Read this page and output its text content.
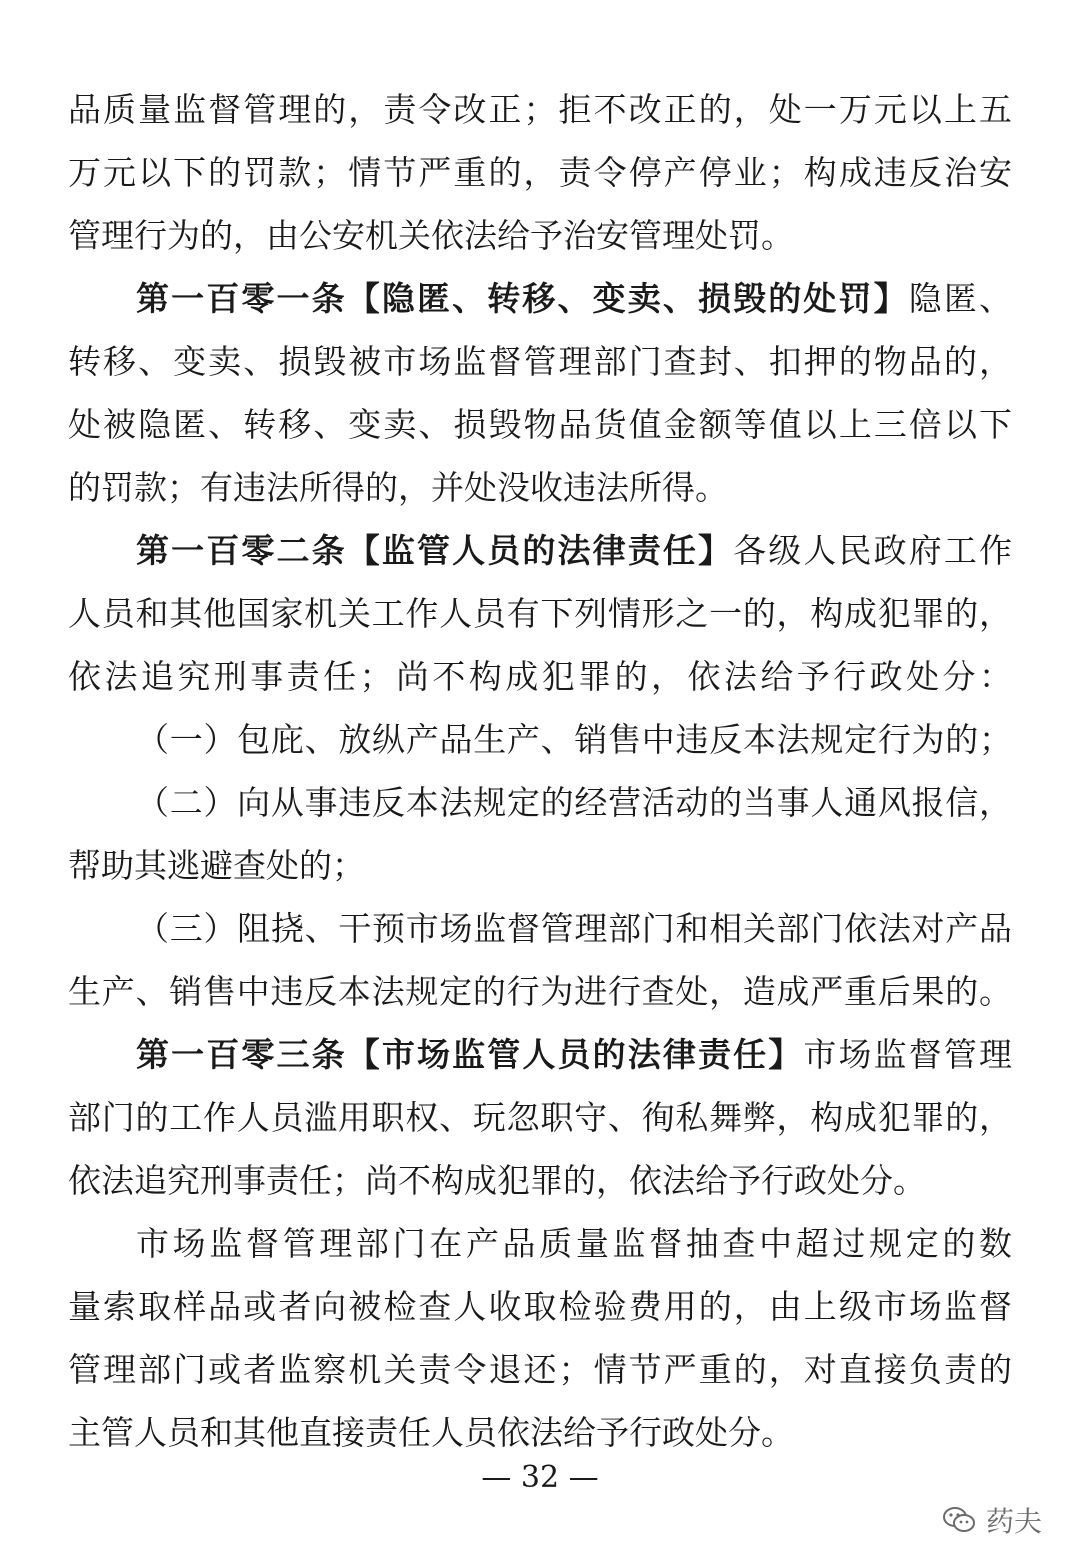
品质量监督管理的，责令改正；拒不改正的，处一万元以上五
万元以下的罚款；情节严重的，责令停产停业；构成违反治安
管理行为的，由公安机关依法给予治安管理处罚。
第一百零一条【隐匿、转移、变卖、损毁的处罚】隐匿、
转移、变卖、损毁被市场监督管理部门查封、扣押的物品的，
处被隐匿、转移、变卖、损毁物品货值金额等值以上三倍以下
的罚款；有违法所得的，并处没收违法所得。
第一百零二条【监管人员的法律责任】各级人民政府工作
人员和其他国家机关工作人员有下列情形之一的，构成犯罪的，
依法追究刑事责任；尚不构成犯罪的，依法给予行政处分：
（一）包庇、放纵产品生产、销售中违反本法规定行为的；
（二）向从事违反本法规定的经营活动的当事人通风报信，
帮助其逃避查处的；
（三）阻挠、干预市场监督管理部门和相关部门依法对产品
生产、销售中违反本法规定的行为进行查处，造成严重后果的。
第一百零三条【市场监管人员的法律责任】市场监督管理
部门的工作人员滥用职权、玩忽职守、徇私舞弊，构成犯罪的，
依法追究刑事责任；尚不构成犯罪的，依法给予行政处分。
市场监督管理部门在产品质量监督抽查中超过规定的数
量索取样品或者向被检查人收取检验费用的，由上级市场监督
管理部门或者监察机关责令退还；情节严重的，对直接负责的
主管人员和其他直接责任人员依法给予行政处分。
— 32 —
药夫
